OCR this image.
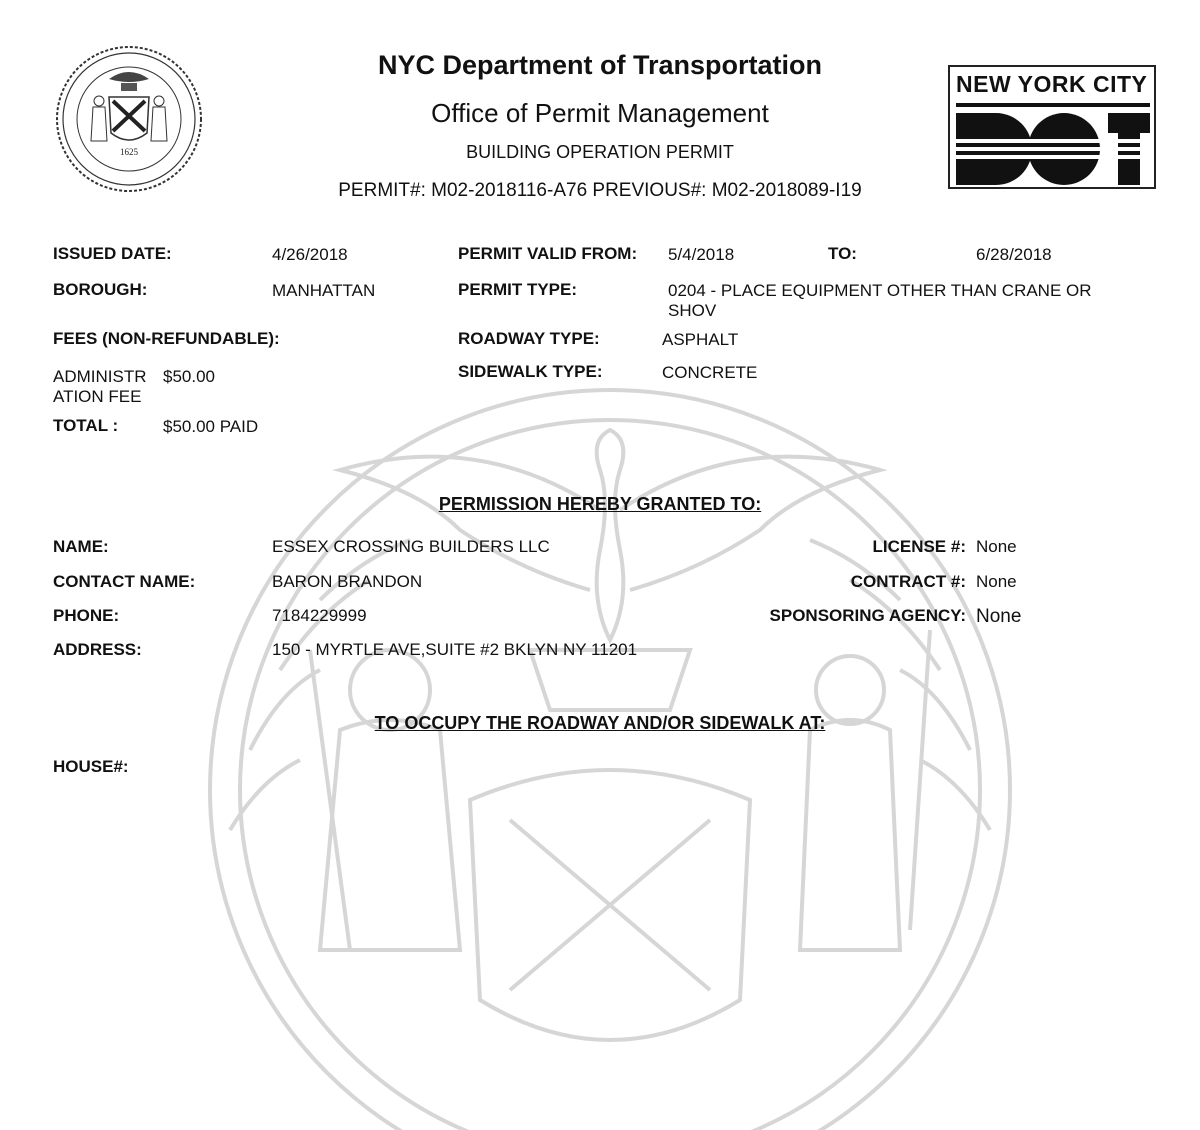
1625
NEW YORK CITY
NYC Department of Transportation
Office of Permit Management
BUILDING OPERATION PERMIT
PERMIT#: M02-2018116-A76 PREVIOUS#: M02-2018089-I19
ISSUED DATE:	4/26/2018	PERMIT VALID FROM: 5/4/2018	TO:	6/28/2018
BOROUGH:	MANHATTAN	PERMIT TYPE:	0204 - PLACE EQUIPMENT OTHER THAN CRANE OR
SHOV
FEES (NON-REFUNDABLE):	ROADWAY TYPE:	ASPHALT
ADMINISTR
ATION FEE
$50.00	SIDEWALK TYPE:	CONCRETE
TOTAL :	$50.00 PAID
PERMISSION HEREBY GRANTED TO:
NAME:	ESSEX CROSSING BUILDERS LLC
CONTACT NAME:	BARON BRANDON
PHONE:	7184229999
ADDRESS:	150 - MYRTLE AVE,SUITE #2 BKLYN NY 11201
LICENSE #: None
CONTRACT #: None
SPONSORING AGENCY: None
TO OCCUPY THE ROADWAY AND/OR SIDEWALK AT:
HOUSE#:
